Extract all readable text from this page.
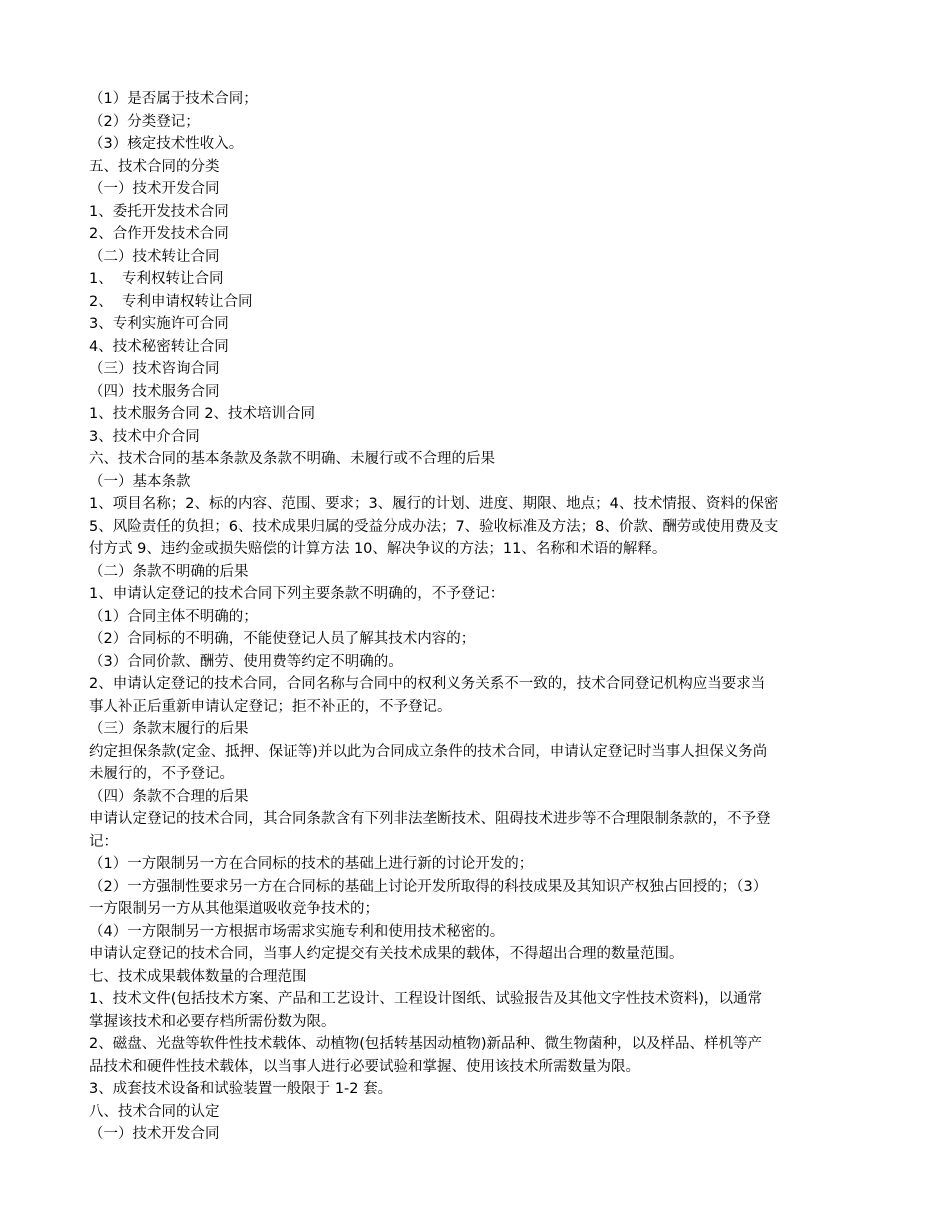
（1）是否属于技术合同；

（2）分类登记；

（3）核定技术性收入。

五、技术合同的分类

（一）技术开发合同

1、委托开发技术合同

2、合作开发技术合同

（二）技术转让合同

1、  专利权转让合同

2、  专利申请权转让合同

3、专利实施许可合同

4、技术秘密转让合同

（三）技术咨询合同

（四）技术服务合同

1、技术服务合同 2、技术培训合同

3、技术中介合同

六、技术合同的基本条款及条款不明确、未履行或不合理的后果

（一）基本条款

1、项目名称；2、标的内容、范围、要求；3、履行的计划、进度、期限、地点；4、技术情报、资料的保密

5、风险责任的负担；6、技术成果归属的受益分成办法；7、验收标准及方法；8、价款、酬劳或使用费及支

付方式 9、违约金或损失赔偿的计算方法 10、解决争议的方法；11、名称和术语的解释。

（二）条款不明确的后果

1、申请认定登记的技术合同下列主要条款不明确的，不予登记：

（1）合同主体不明确的；

（2）合同标的不明确，不能使登记人员了解其技术内容的；

（3）合同价款、酬劳、使用费等约定不明确的。

2、申请认定登记的技术合同，合同名称与合同中的权利义务关系不一致的，技术合同登记机构应当要求当

事人补正后重新申请认定登记；拒不补正的，不予登记。

（三）条款末履行的后果

约定担保条款(定金、抵押、保证等)并以此为合同成立条件的技术合同，申请认定登记时当事人担保义务尚

未履行的，不予登记。

（四）条款不合理的后果

申请认定登记的技术合同，其合同条款含有下列非法垄断技术、阻碍技术进步等不合理限制条款的，不予登

记：

（1）一方限制另一方在合同标的技术的基础上进行新的讨论开发的；

（2）一方强制性要求另一方在合同标的基础上讨论开发所取得的科技成果及其知识产权独占回授的；（3）

一方限制另一方从其他渠道吸收竞争技术的；

（4）一方限制另一方根据市场需求实施专利和使用技术秘密的。

申请认定登记的技术合同，当事人约定提交有关技术成果的载体，不得超出合理的数量范围。

七、技术成果载体数量的合理范围

1、技术文件(包括技术方案、产品和工艺设计、工程设计图纸、试验报告及其他文字性技术资料)，以通常

掌握该技术和必要存档所需份数为限。

2、磁盘、光盘等软件性技术载体、动植物(包括转基因动植物)新品种、微生物菌种，以及样品、样机等产

品技术和硬件性技术载体，以当事人进行必要试验和掌握、使用该技术所需数量为限。

3、成套技术设备和试验装置一般限于 1-2 套。

八、技术合同的认定

（一）技术开发合同
